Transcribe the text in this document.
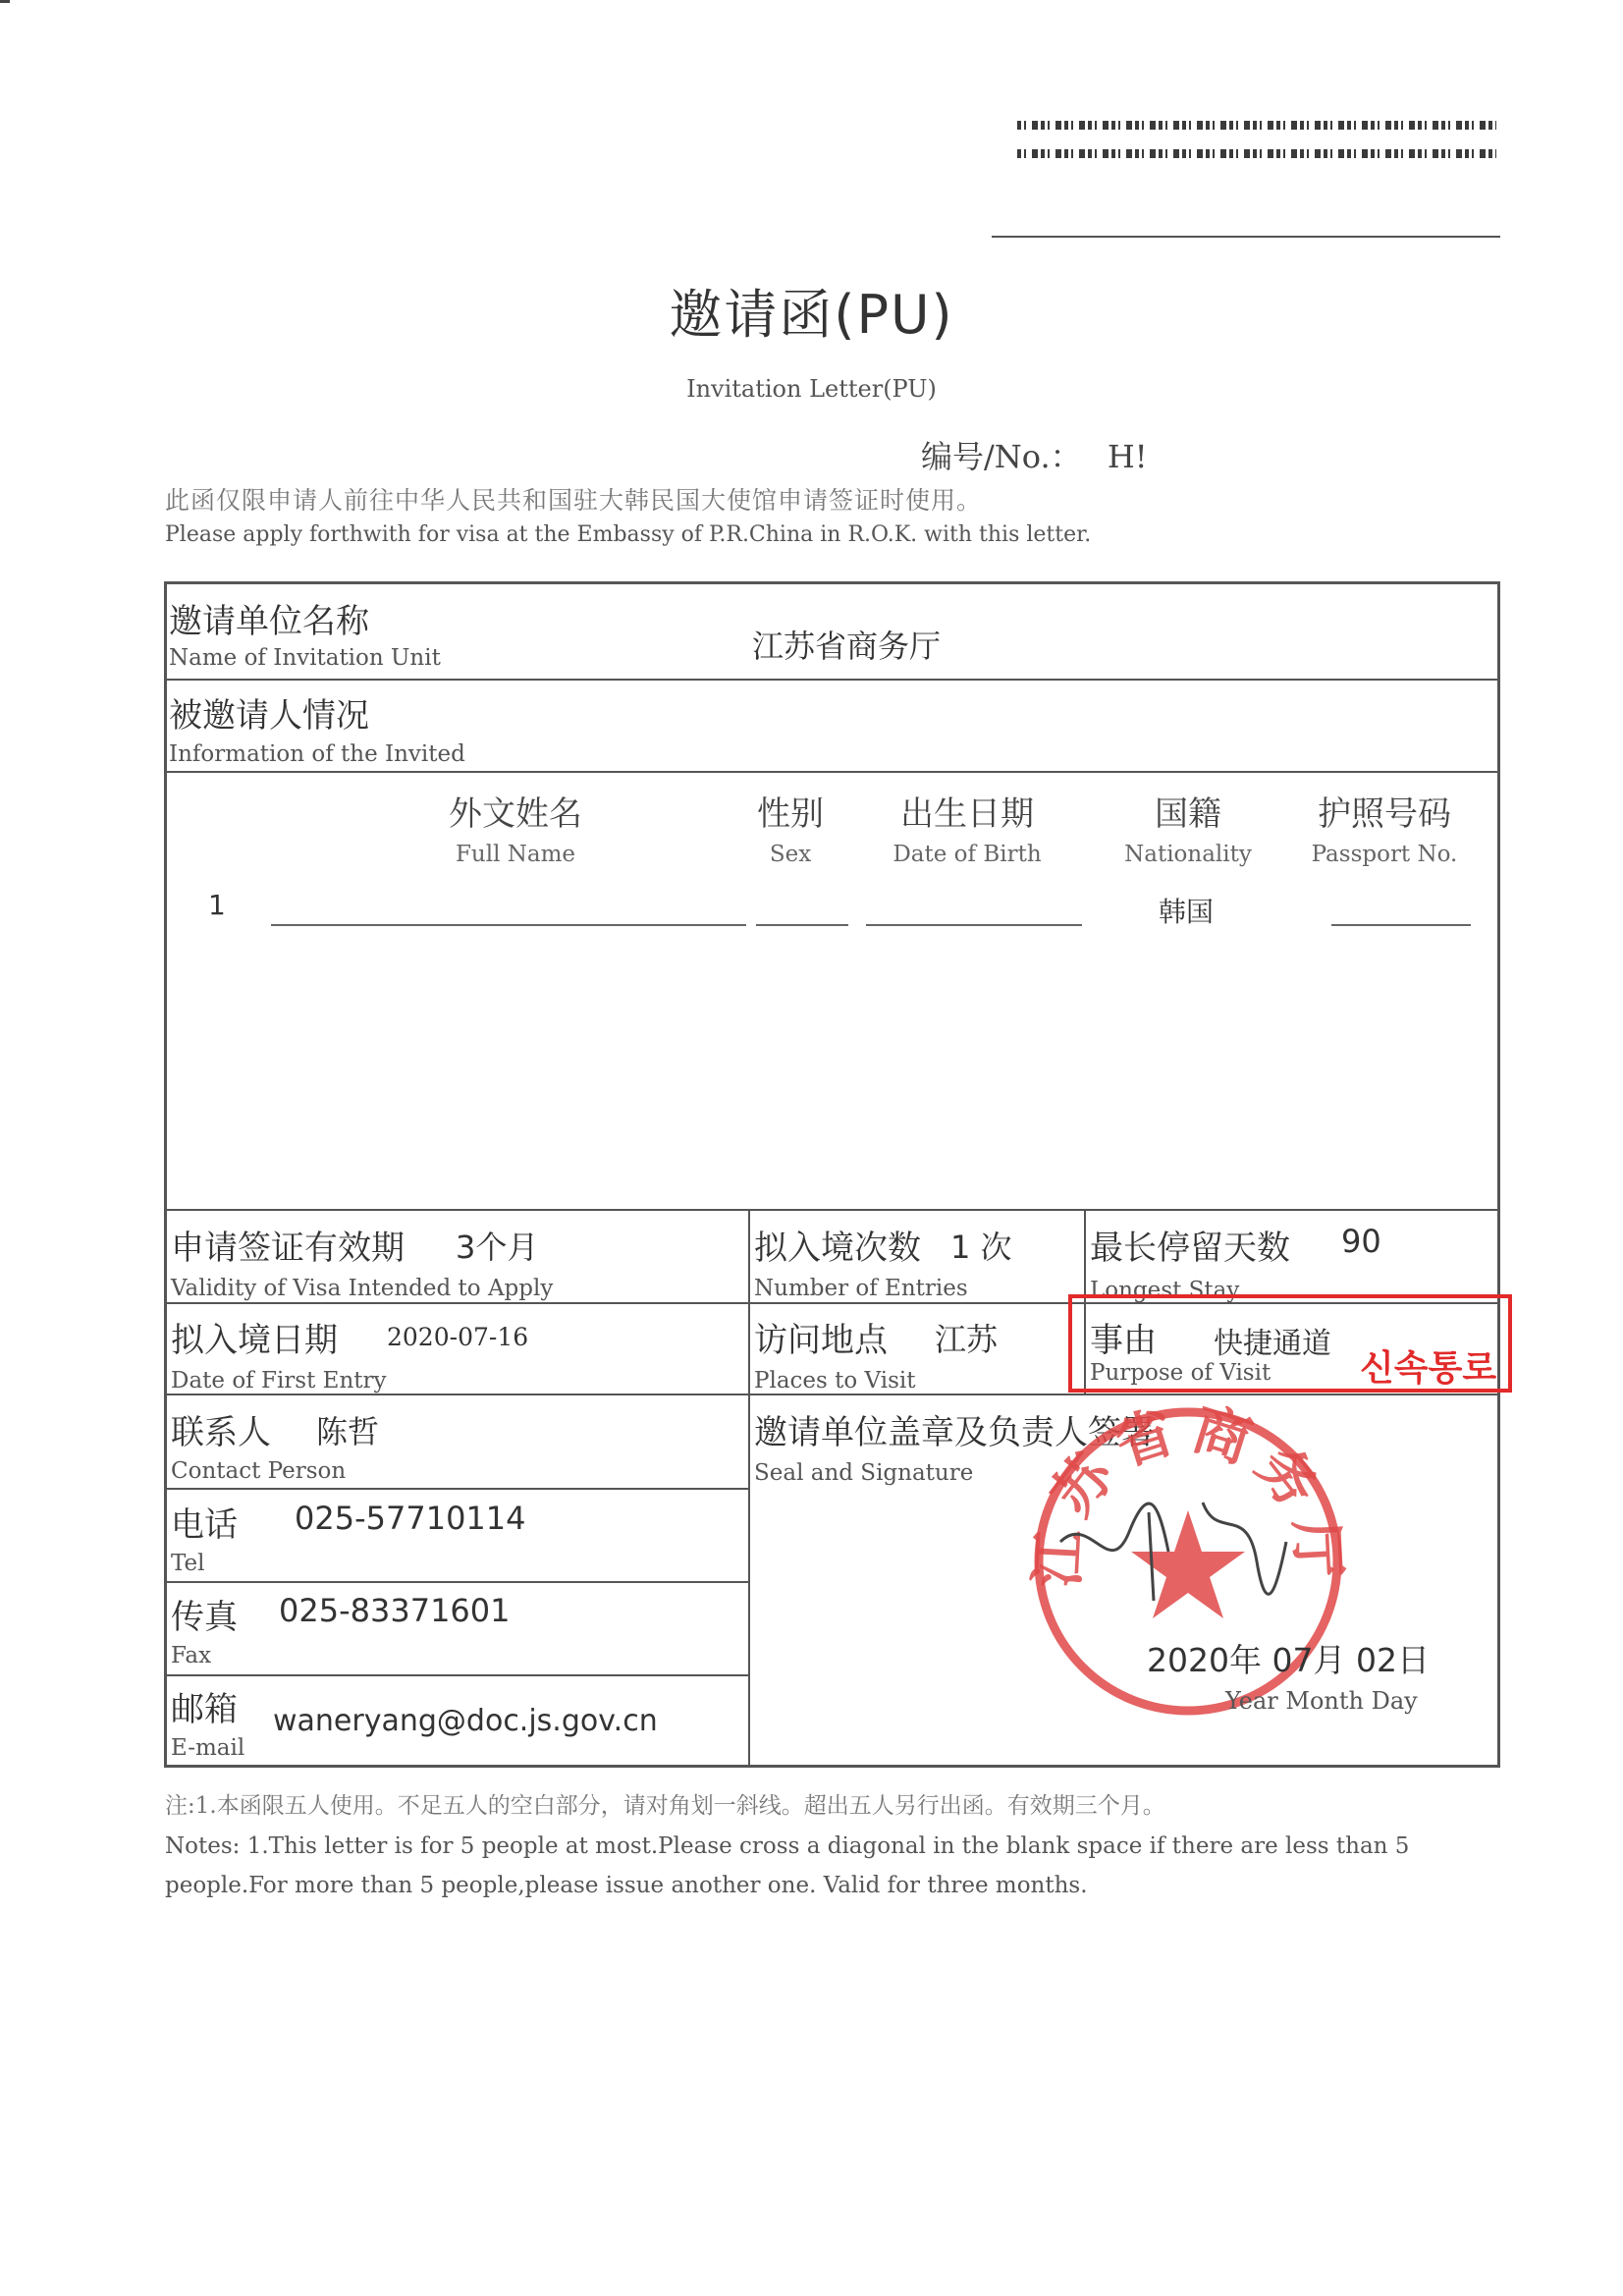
邀请函(PU)
Invitation Letter(PU)
编号/No.： H!
此函仅限申请人前往中华人民共和国驻大韩民国大使馆申请签证时使用。
Please apply forthwith for visa at the Embassy of P.R.China in R.O.K. with this letter.
邀请单位名称
Name of Invitation Unit	江苏省商务厅
被邀请人情况
Information of the Invited
外文姓名
Full Name
性别
Sex
出生日期
Date of Birth
国籍
Nationality
护照号码
Passport No.
1	韩国
申请签证有效期 3个月
Validity of Visa Intended to Apply
拟入境次数 1 次
Number of Entries
最长停留天数 90
Longest Stay
拟入境日期 2020-07-16
Date of First Entry
访问地点 江苏
Places to Visit
事由 快捷通道
Purpose of Visit
联系人 陈哲
Contact Person
电话 025-57710114
Tel
传真 025-83371601
Fax
邮箱 waneryang@doc.js.gov.cn
E-mail
邀请单位盖章及负责人签署
Seal and Signature
江苏省商务厅
2020年 07月 02日
Year Month Day
신속통로
注:1.本函限五人使用。不足五人的空白部分，请对角划一斜线。超出五人另行出函。有效期三个月。
Notes: 1.This letter is for 5 people at most.Please cross a diagonal in the blank space if there are less than 5 people.For more than 5 people,please issue another one. Valid for three months.
